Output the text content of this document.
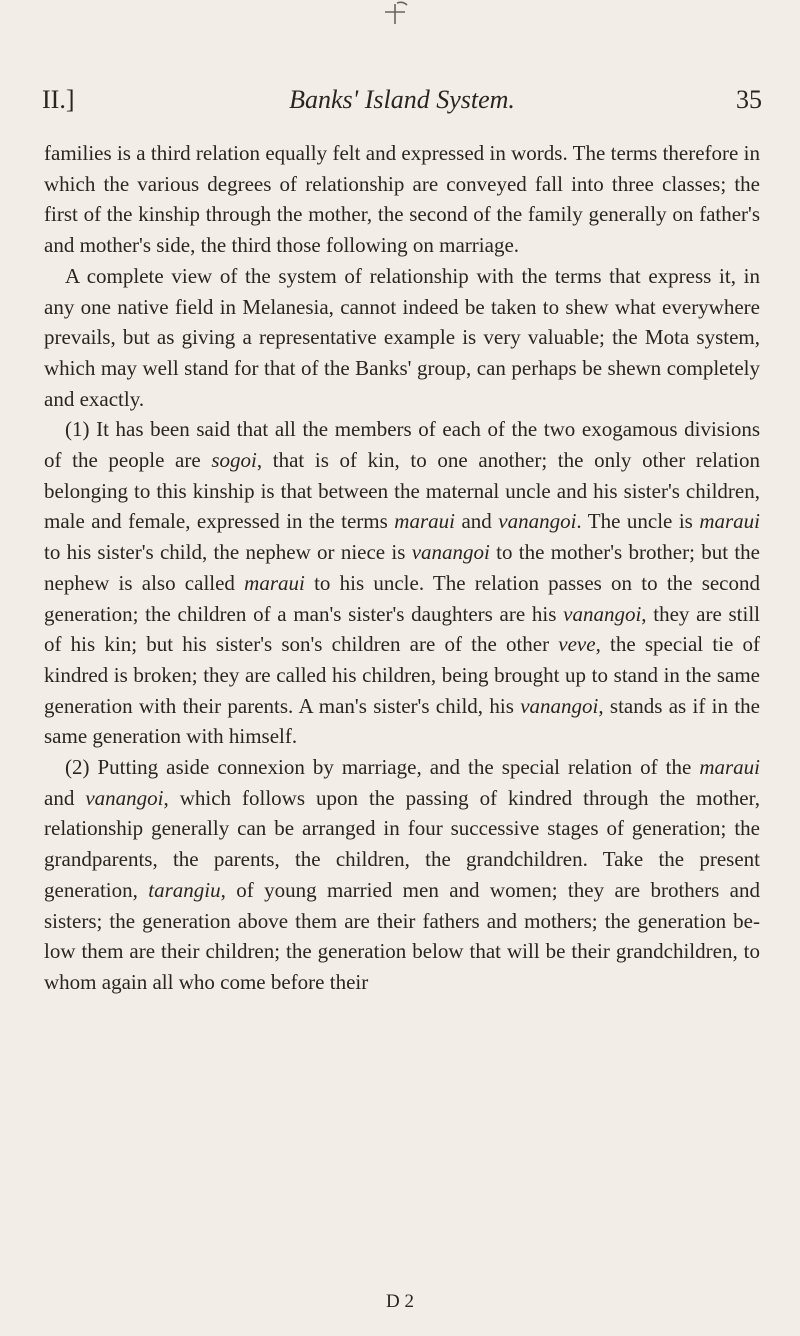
II.]	Banks' Island System.	35

families is a third relation equally felt and expressed in words. The terms therefore in which the various degrees of relationship are conveyed fall into three classes; the first of the kinship through the mother, the second of the family generally on father's and mother's side, the third those following on marriage.

A complete view of the system of relationship with the terms that express it, in any one native field in Melanesia, cannot indeed be taken to shew what everywhere prevails, but as giving a representative example is very valuable; the Mota system, which may well stand for that of the Banks' group, can perhaps be shewn completely and exactly.

(1) It has been said that all the members of each of the two exogamous divisions of the people are sogoi, that is of kin, to one another; the only other relation belonging to this kinship is that between the maternal uncle and his sister's children, male and female, expressed in the terms maraui and vanangoi. The uncle is maraui to his sister's child, the nephew or niece is vanangoi to the mother's brother; but the nephew is also called maraui to his uncle. The relation passes on to the second generation; the children of a man's sister's daughters are his vanangoi, they are still of his kin; but his sister's son's children are of the other veve, the special tie of kindred is broken; they are called his children, being brought up to stand in the same generation with their parents. A man's sister's child, his vanangoi, stands as if in the same generation with himself.

(2) Putting aside connexion by marriage, and the special relation of the maraui and vanangoi, which follows upon the passing of kindred through the mother, relationship generally can be arranged in four successive stages of generation; the grandparents, the parents, the children, the grandchildren. Take the present generation, tarangiu, of young married men and women; they are brothers and sisters; the generation above them are their fathers and mothers; the generation below them are their children; the generation below that will be their grandchildren, to whom again all who come before their

D 2
